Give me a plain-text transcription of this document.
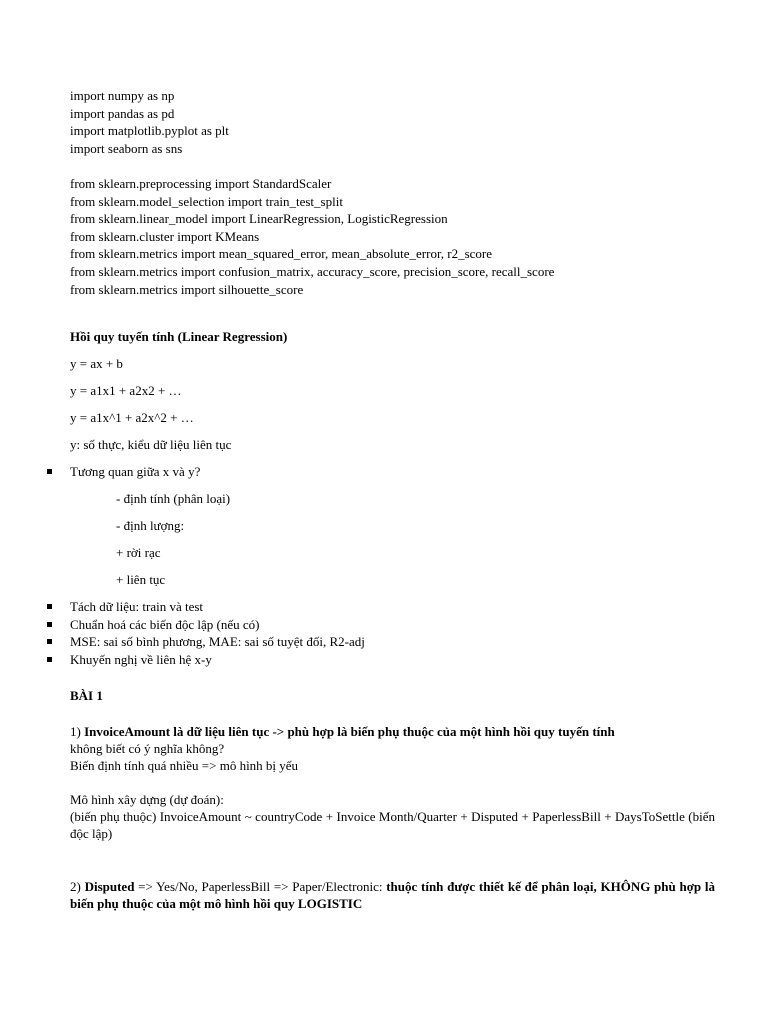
import numpy as np
import pandas as pd
import matplotlib.pyplot as plt
import seaborn as sns
from sklearn.preprocessing import StandardScaler
from sklearn.model_selection import train_test_split
from sklearn.linear_model import LinearRegression, LogisticRegression
from sklearn.cluster import KMeans
from sklearn.metrics import mean_squared_error, mean_absolute_error, r2_score
from sklearn.metrics import confusion_matrix, accuracy_score, precision_score, recall_score
from sklearn.metrics import silhouette_score
Hồi quy tuyến tính (Linear Regression)
y = ax + b
y = a1x1 + a2x2 + …
y = a1x^1 + a2x^2 + …
y: số thực, kiểu dữ liệu liên tục
Tương quan giữa x và y?
- định tính (phân loại)
- định lượng:
+ rời rạc
+ liên tục
Tách dữ liệu: train và test
Chuẩn hoá các biến độc lập (nếu có)
MSE: sai số bình phương, MAE: sai số tuyệt đối, R2-adj
Khuyến nghị về liên hệ x-y
BÀI 1
1) InvoiceAmount là dữ liệu liên tục -> phù hợp là biến phụ thuộc của một hình hồi quy tuyến tính
không biết có ý nghĩa không?
Biến định tính quá nhiều => mô hình bị yếu
Mô hình xây dựng (dự đoán):
(biến phụ thuộc) InvoiceAmount ~ countryCode + Invoice Month/Quarter + Disputed + PaperlessBill + DaysToSettle (biến độc lập)
2) Disputed => Yes/No, PaperlessBill => Paper/Electronic: thuộc tính được thiết kế để phân loại, KHÔNG phù hợp là biến phụ thuộc của một mô hình hồi quy LOGISTIC
